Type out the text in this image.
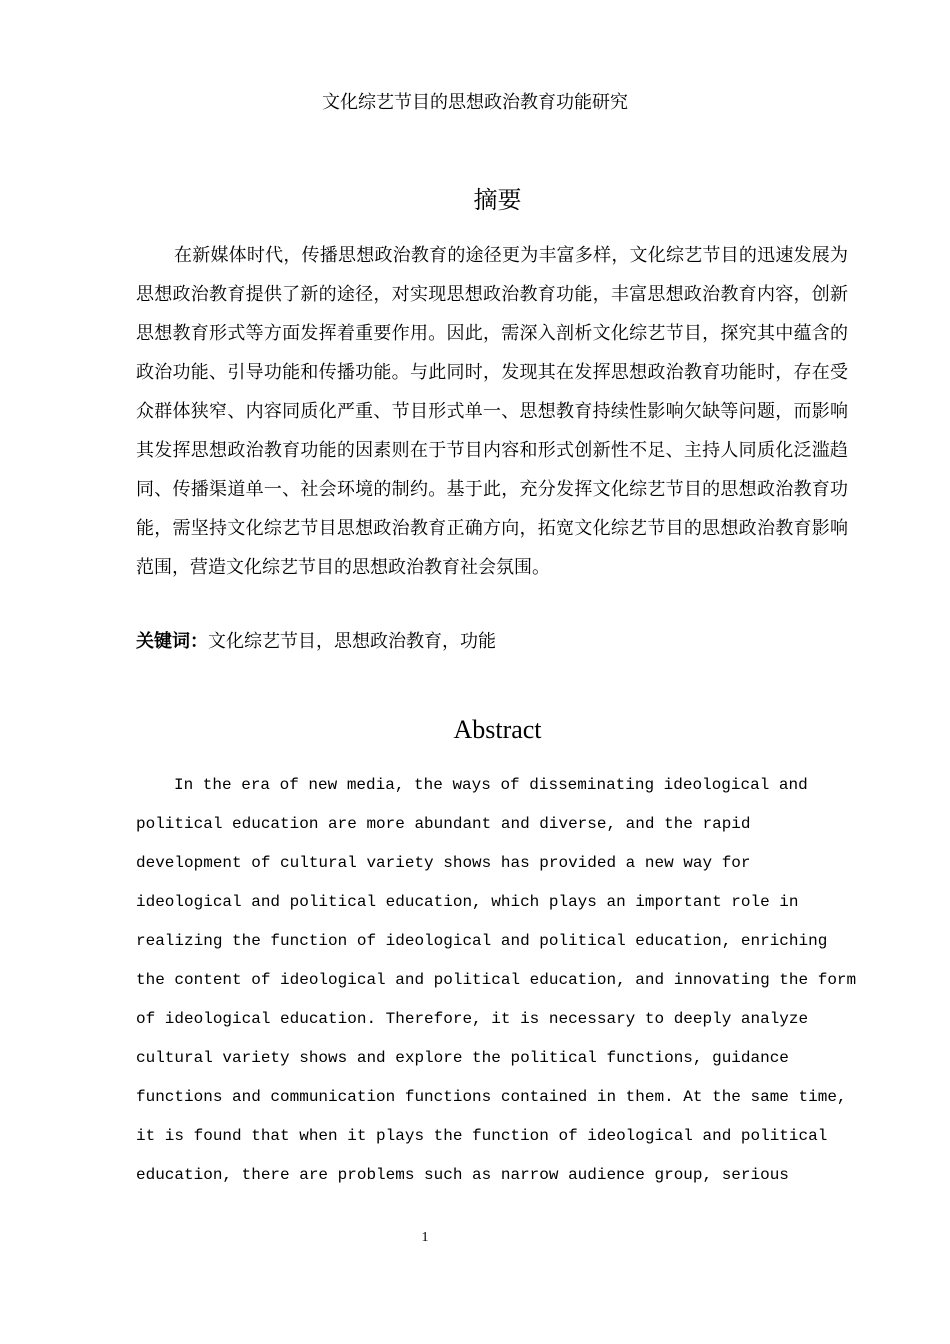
文化综艺节目的思想政治教育功能研究
摘要

在新媒体时代，传播思想政治教育的途径更为丰富多样，文化综艺节目的迅速发展为思想政治教育提供了新的途径，对实现思想政治教育功能，丰富思想政治教育内容，创新思想教育形式等方面发挥着重要作用。因此，需深入剖析文化综艺节目，探究其中蕴含的政治功能、引导功能和传播功能。与此同时，发现其在发挥思想政治教育功能时，存在受众群体狭窄、内容同质化严重、节目形式单一、思想教育持续性影响欠缺等问题，而影响其发挥思想政治教育功能的因素则在于节目内容和形式创新性不足、主持人同质化泛滥趋同、传播渠道单一、社会环境的制约。基于此，充分发挥文化综艺节目的思想政治教育功能，需坚持文化综艺节目思想政治教育正确方向，拓宽文化综艺节目的思想政治教育影响范围，营造文化综艺节目的思想政治教育社会氛围。

关键词：文化综艺节目，思想政治教育，功能

Abstract

In the era of new media, the ways of disseminating ideological and political education are more abundant and diverse, and the rapid development of cultural variety shows has provided a new way for ideological and political education, which plays an important role in realizing the function of ideological and political education, enriching the content of ideological and political education, and innovating the form of ideological education. Therefore, it is necessary to deeply analyze cultural variety shows and explore the political functions, guidance functions and communication functions contained in them. At the same time, it is found that when it plays the function of ideological and political education, there are problems such as narrow audience group, serious

1
